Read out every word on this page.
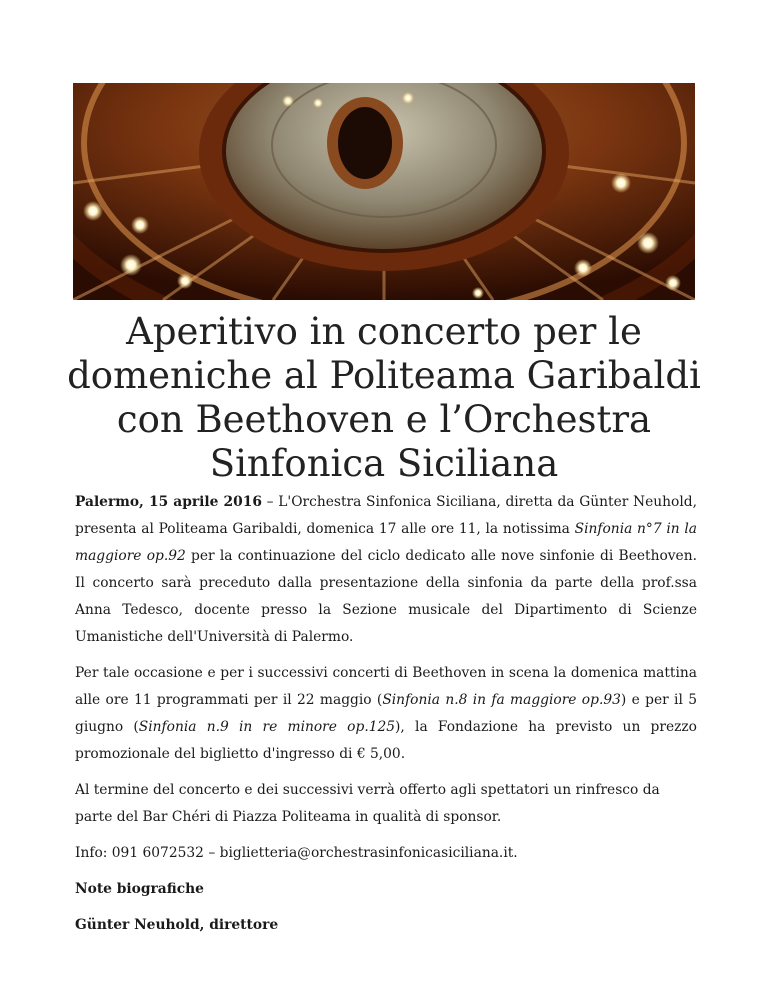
Aperitivo in concerto per le domeniche al Politeama Garibaldi con Beethoven e l’Orchestra Sinfonica Siciliana

Palermo, 15 aprile 2016 – L'Orchestra Sinfonica Siciliana, diretta da Günter Neuhold, presenta al Politeama Garibaldi, domenica 17 alle ore 11, la notissima Sinfonia n°7 in la maggiore op.92 per la continuazione del ciclo dedicato alle nove sinfonie di Beethoven. Il concerto sarà preceduto dalla presentazione della sinfonia da parte della prof.ssa Anna Tedesco, docente presso la Sezione musicale del Dipartimento di Scienze Umanistiche dell'Università di Palermo.

Per tale occasione e per i successivi concerti di Beethoven in scena la domenica mattina alle ore 11 programmati per il 22 maggio (Sinfonia n.8 in fa maggiore op.93) e per il 5 giugno (Sinfonia n.9 in re minore op.125), la Fondazione ha previsto un prezzo promozionale del biglietto d'ingresso di € 5,00.

Al termine del concerto e dei successivi verrà offerto agli spettatori un rinfresco da parte del Bar Chéri di Piazza Politeama in qualità di sponsor.

Info: 091 6072532 – biglietteria@orchestrasinfonicasiciliana.it.

Note biografiche

Günter Neuhold, direttore
